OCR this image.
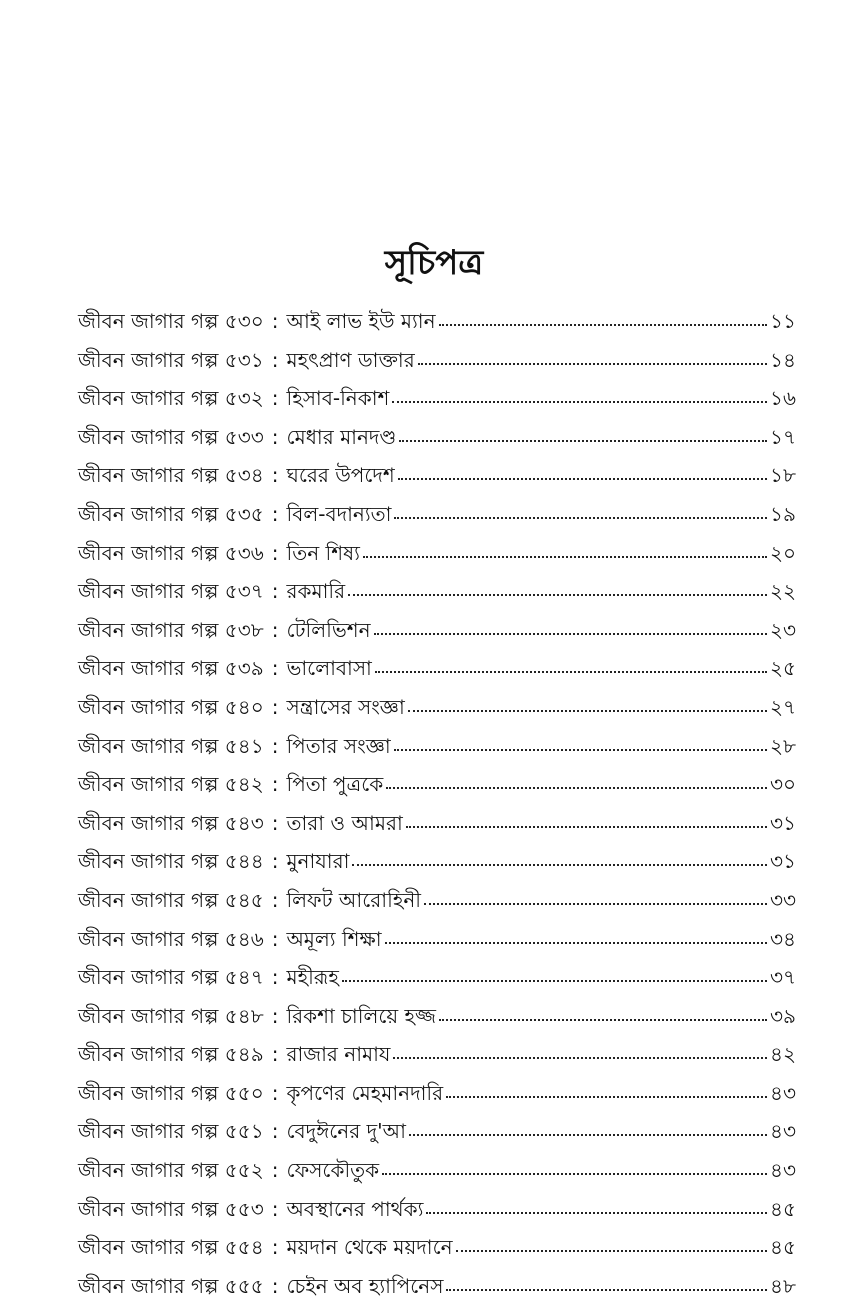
সূচিপত্র
জীবন জাগার গল্প ৫৩০ : আই লাভ ইউ ম্যান	১১
জীবন জাগার গল্প ৫৩১ : মহৎপ্রাণ ডাক্তার	১৪
জীবন জাগার গল্প ৫৩২ : হিসাব-নিকাশ	১৬
জীবন জাগার গল্প ৫৩৩ : মেধার মানদণ্ড	১৭
জীবন জাগার গল্প ৫৩৪ : ঘরের উপদেশ	১৮
জীবন জাগার গল্প ৫৩৫ : বিল-বদান্যতা	১৯
জীবন জাগার গল্প ৫৩৬ : তিন শিষ্য	২০
জীবন জাগার গল্প ৫৩৭ : রকমারি	২২
জীবন জাগার গল্প ৫৩৮ : টেলিভিশন	২৩
জীবন জাগার গল্প ৫৩৯ : ভালোবাসা	২৫
জীবন জাগার গল্প ৫৪০ : সন্ত্রাসের সংজ্ঞা	২৭
জীবন জাগার গল্প ৫৪১ : পিতার সংজ্ঞা	২৮
জীবন জাগার গল্প ৫৪২ : পিতা পুত্রকে	৩০
জীবন জাগার গল্প ৫৪৩ : তারা ও আমরা	৩১
জীবন জাগার গল্প ৫৪৪ : মুনাযারা	৩১
জীবন জাগার গল্প ৫৪৫ : লিফট আরোহিনী	৩৩
জীবন জাগার গল্প ৫৪৬ : অমূল্য শিক্ষা	৩৪
জীবন জাগার গল্প ৫৪৭ : মহীরূহ	৩৭
জীবন জাগার গল্প ৫৪৮ : রিকশা চালিয়ে হজ্জ	৩৯
জীবন জাগার গল্প ৫৪৯ : রাজার নামায	৪২
জীবন জাগার গল্প ৫৫০ : কৃপণের মেহমানদারি	৪৩
জীবন জাগার গল্প ৫৫১ : বেদুঈনের দু'আ	৪৩
জীবন জাগার গল্প ৫৫২ : ফেসকৌতুক	৪৩
জীবন জাগার গল্প ৫৫৩ : অবস্থানের পার্থক্য	৪৫
জীবন জাগার গল্প ৫৫৪ : ময়দান থেকে ময়দানে	৪৫
জীবন জাগার গল্প ৫৫৫ : চেইন অব হ্যাপিনেস	৪৮
